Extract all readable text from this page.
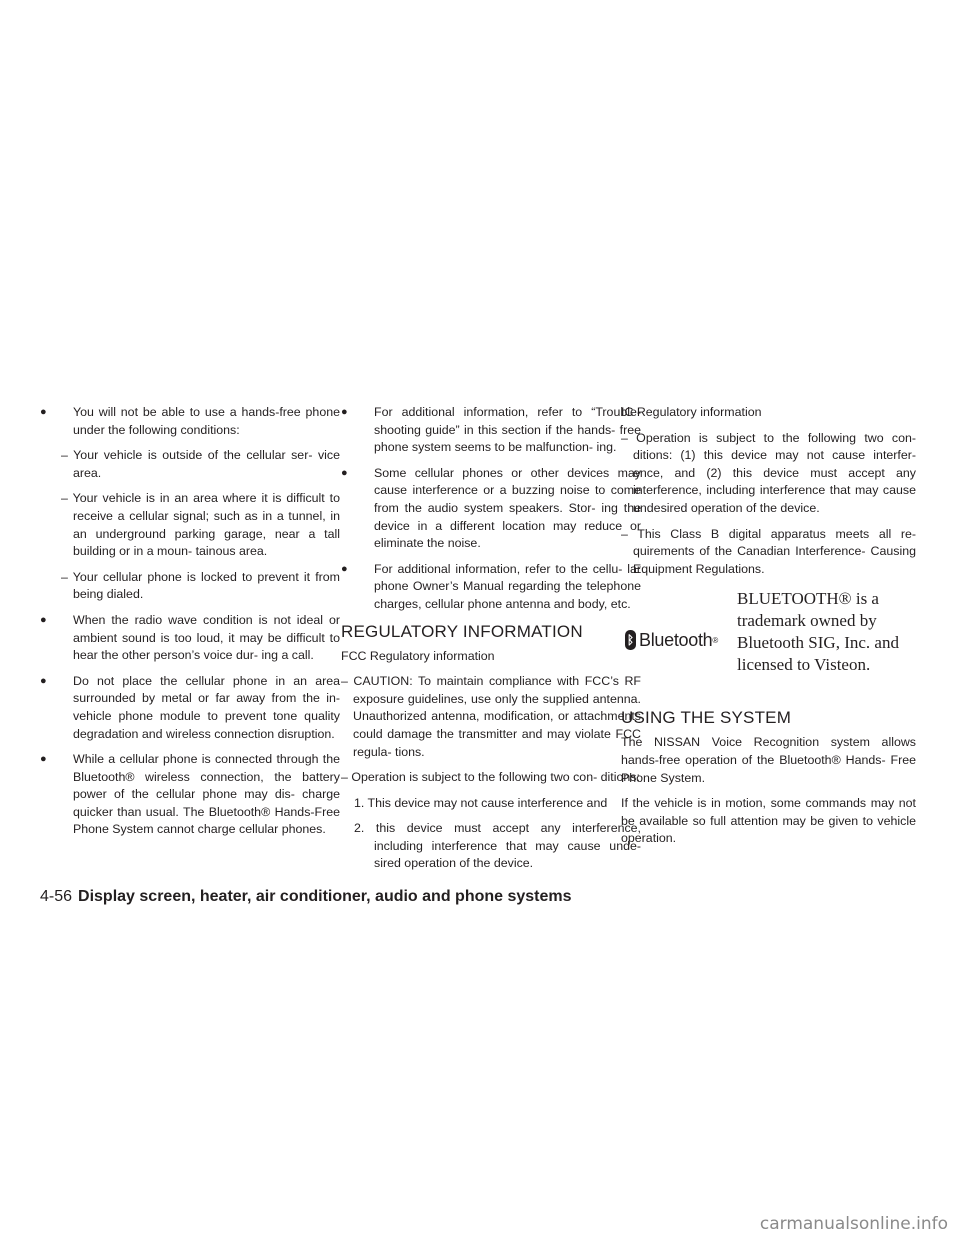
● You will not be able to use a hands-free phone under the following conditions:
– Your vehicle is outside of the cellular ser- vice area.
– Your vehicle is in an area where it is difficult to receive a cellular signal; such as in a tunnel, in an underground parking garage, near a tall building or in a moun- tainous area.
– Your cellular phone is locked to prevent it from being dialed.
● When the radio wave condition is not ideal or ambient sound is too loud, it may be difficult to hear the other person’s voice dur- ing a call.
● Do not place the cellular phone in an area surrounded by metal or far away from the in-vehicle phone module to prevent tone quality degradation and wireless connection disruption.
● While a cellular phone is connected through the Bluetooth® wireless connection, the battery power of the cellular phone may dis- charge quicker than usual. The Bluetooth® Hands-Free Phone System cannot charge cellular phones.
● For additional information, refer to “Trouble- shooting guide” in this section if the hands- free phone system seems to be malfunction- ing.
● Some cellular phones or other devices may cause interference or a buzzing noise to come from the audio system speakers. Stor- ing the device in a different location may reduce or eliminate the noise.
● For additional information, refer to the cellu- lar phone Owner’s Manual regarding the telephone charges, cellular phone antenna and body, etc.
REGULATORY INFORMATION
FCC Regulatory information
– CAUTION: To maintain compliance with FCC’s RF exposure guidelines, use only the supplied antenna. Unauthorized antenna, modification, or attachments could damage the transmitter and may violate FCC regula- tions.
– Operation is subject to the following two con- ditions:
1. This device may not cause interference and
2. this device must accept any interference, including interference that may cause unde- sired operation of the device.
IC Regulatory information
– Operation is subject to the following two con- ditions: (1) this device may not cause interfer- ence, and (2) this device must accept any interference, including interference that may cause undesired operation of the device.
– This Class B digital apparatus meets all re- quirements of the Canadian Interference- Causing Equipment Regulations.
ᛒ Bluetooth ®
BLUETOOTH® is a trademark owned by Bluetooth SIG, Inc. and licensed to Visteon.
USING THE SYSTEM
The NISSAN Voice Recognition system allows hands-free operation of the Bluetooth® Hands- Free Phone System.
If the vehicle is in motion, some commands may not be available so full attention may be given to vehicle operation.
4-56 Display screen, heater, air conditioner, audio and phone systems
carmanualsonline.info
